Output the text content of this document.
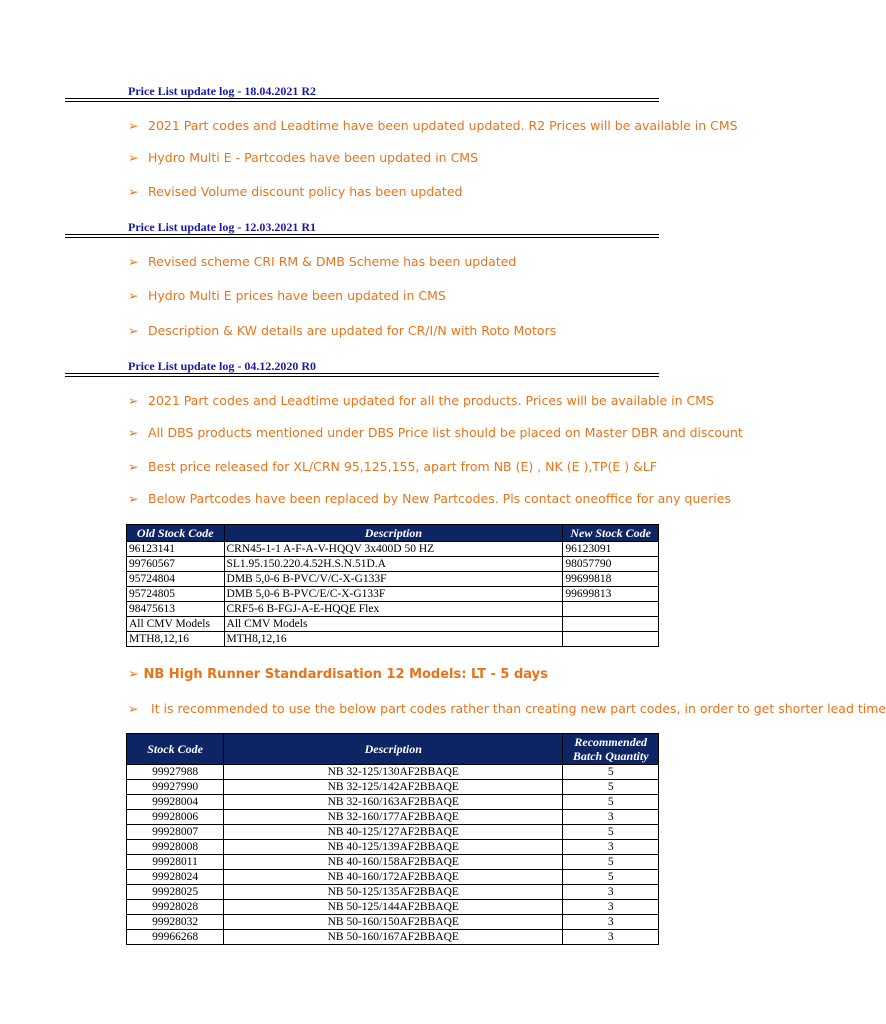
Price List update log - 18.04.2021 R2
➢ 2021 Part codes and Leadtime have been updated updated. R2 Prices will be available in CMS
➢ Hydro Multi E - Partcodes have been updated in CMS
➢ Revised Volume discount policy has been updated
Price List update log - 12.03.2021 R1
➢ Revised scheme CRI RM & DMB Scheme has been updated
➢ Hydro Multi E prices have been updated in CMS
➢ Description & KW details are updated for CR/I/N with Roto Motors
Price List update log - 04.12.2020 R0
➢ 2021 Part codes and Leadtime updated for all the products. Prices will be available in CMS
➢ All DBS products mentioned under DBS Price list should be placed on Master DBR and discount
➢ Best price released for XL/CRN 95,125,155, apart from NB (E) , NK (E ),TP(E ) &LF
➢ Below Partcodes have been replaced by New Partcodes. Pls contact oneoffice for any queries
Old Stock Code	Description	New Stock Code
96123141	CRN45-1-1 A-F-A-V-HQQV 3x400D 50 HZ	96123091
99760567	SL1.95.150.220.4.52H.S.N.51D.A	98057790
95724804	DMB 5,0-6 B-PVC/V/C-X-G133F	99699818
95724805	DMB 5,0-6 B-PVC/E/C-X-G133F	99699813
98475613	CRF5-6 B-FGJ-A-E-HQQE Flex	
All CMV Models	All CMV Models	
MTH8,12,16	MTH8,12,16	
➢ NB High Runner Standardisation 12 Models: LT - 5 days
➢ It is recommended to use the below part codes rather than creating new part codes, in order to get shorter lead time
Stock Code	Description	Recommended Batch Quantity
99927988	NB 32-125/130AF2BBAQE	5
99927990	NB 32-125/142AF2BBAQE	5
99928004	NB 32-160/163AF2BBAQE	5
99928006	NB 32-160/177AF2BBAQE	3
99928007	NB 40-125/127AF2BBAQE	5
99928008	NB 40-125/139AF2BBAQE	3
99928011	NB 40-160/158AF2BBAQE	5
99928024	NB 40-160/172AF2BBAQE	5
99928025	NB 50-125/135AF2BBAQE	3
99928028	NB 50-125/144AF2BBAQE	3
99928032	NB 50-160/150AF2BBAQE	3
99966268	NB 50-160/167AF2BBAQE	3
